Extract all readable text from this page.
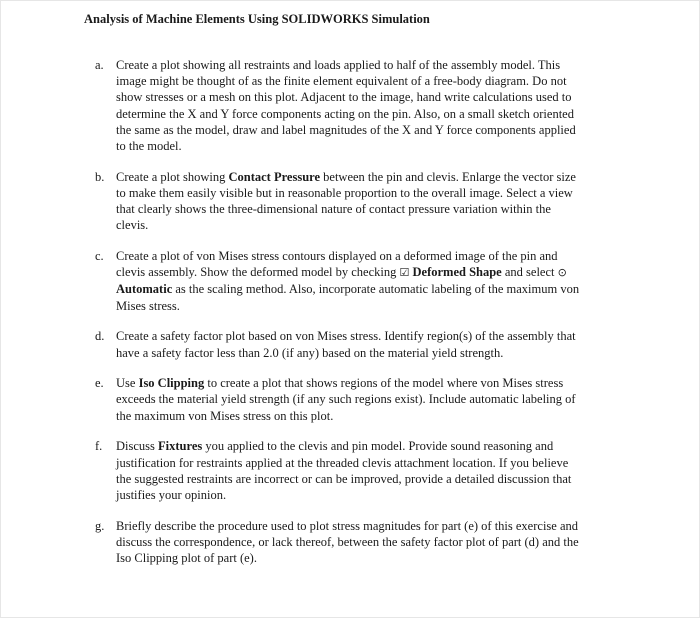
Analysis of Machine Elements Using SOLIDWORKS Simulation
a. Create a plot showing all restraints and loads applied to half of the assembly model. This image might be thought of as the finite element equivalent of a free-body diagram. Do not show stresses or a mesh on this plot. Adjacent to the image, hand write calculations used to determine the X and Y force components acting on the pin. Also, on a small sketch oriented the same as the model, draw and label magnitudes of the X and Y force components applied to the model.
b. Create a plot showing Contact Pressure between the pin and clevis. Enlarge the vector size to make them easily visible but in reasonable proportion to the overall image. Select a view that clearly shows the three-dimensional nature of contact pressure variation within the clevis.
c. Create a plot of von Mises stress contours displayed on a deformed image of the pin and clevis assembly. Show the deformed model by checking ☑ Deformed Shape and select ⊙ Automatic as the scaling method. Also, incorporate automatic labeling of the maximum von Mises stress.
d. Create a safety factor plot based on von Mises stress. Identify region(s) of the assembly that have a safety factor less than 2.0 (if any) based on the material yield strength.
e. Use Iso Clipping to create a plot that shows regions of the model where von Mises stress exceeds the material yield strength (if any such regions exist). Include automatic labeling of the maximum von Mises stress on this plot.
f. Discuss Fixtures you applied to the clevis and pin model. Provide sound reasoning and justification for restraints applied at the threaded clevis attachment location. If you believe the suggested restraints are incorrect or can be improved, provide a detailed discussion that justifies your opinion.
g. Briefly describe the procedure used to plot stress magnitudes for part (e) of this exercise and discuss the correspondence, or lack thereof, between the safety factor plot of part (d) and the Iso Clipping plot of part (e).
